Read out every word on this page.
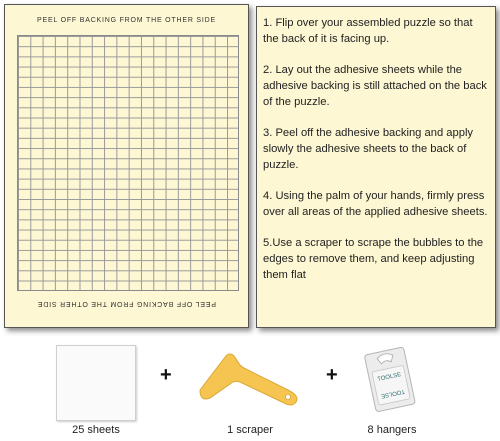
PEEL OFF BACKING FROM THE OTHER SIDE
PEEL OFF BACKING FROM THE OTHER SIDE
1. Flip over your assembled puzzle so that the back of it is facing up.
2. Lay out the adhesive sheets while the adhesive backing is still attached on the back of the puzzle.
3. Peel off the adhesive backing and apply slowly the adhesive sheets to the back of puzzle.
4. Using the palm of your hands, firmly press over all areas of the applied adhesive sheets.
5.Use a scraper to scrape the bubbles to the edges to remove them, and keep adjusting them flat
25 sheets
+
1 scraper
+	TOOLSE
TOOLSE
8 hangers
